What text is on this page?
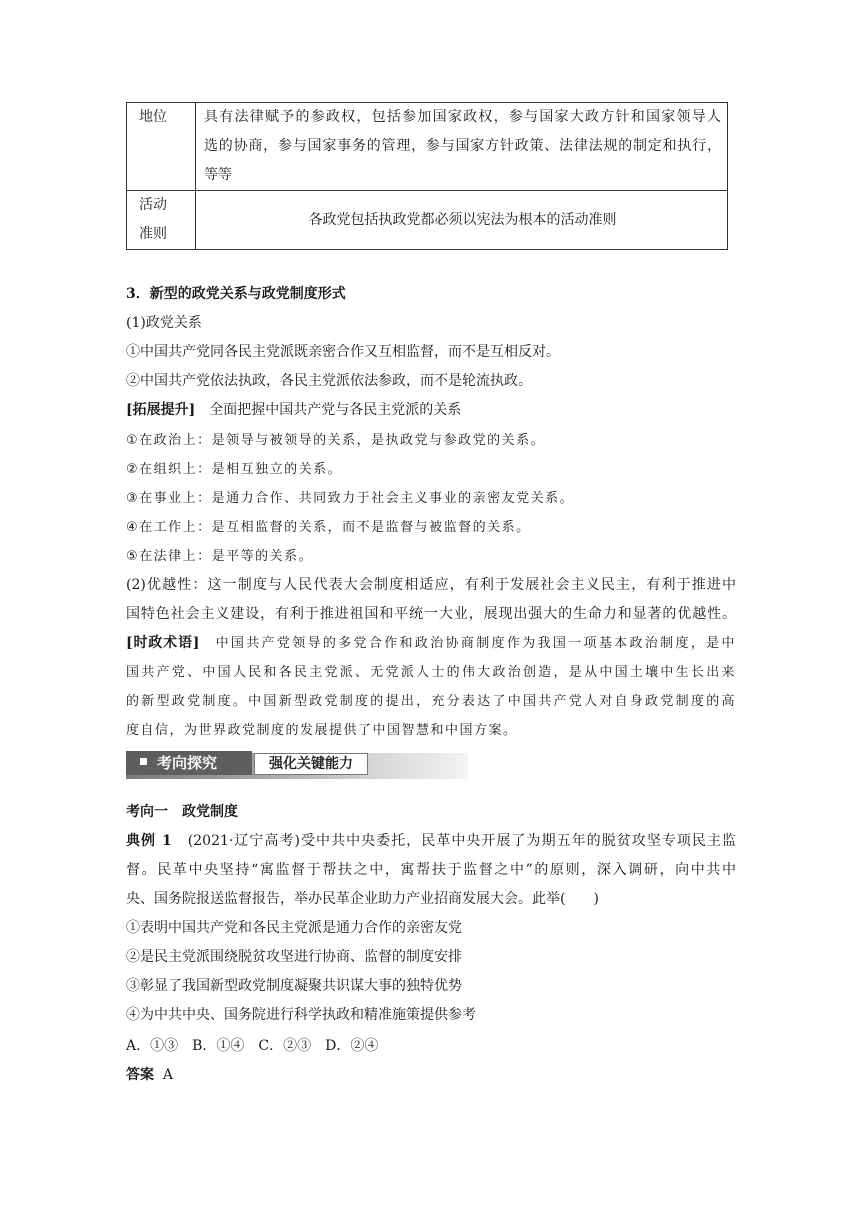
地位	具有法律赋予的参政权，包括参加国家政权，参与国家大政方针和国家领导人
选的协商，参与国家事务的管理，参与国家方针政策、法律法规的制定和执行，
等等

活动
准则	各政党包括执政党都必须以宪法为根本的活动准则
3．新型的政党关系与政党制度形式
(1)政党关系
①中国共产党同各民主党派既亲密合作又互相监督，而不是互相反对。
②中国共产党依法执政，各民主党派依法参政，而不是轮流执政。
[拓展提升]　全面把握中国共产党与各民主党派的关系
①在政治上：是领导与被领导的关系，是执政党与参政党的关系。
②在组织上：是相互独立的关系。
③在事业上：是通力合作、共同致力于社会主义事业的亲密友党关系。
④在工作上：是互相监督的关系，而不是监督与被监督的关系。
⑤在法律上：是平等的关系。
(2)优越性：这一制度与人民代表大会制度相适应，有利于发展社会主义民主，有利于推进中
国特色社会主义建设，有利于推进祖国和平统一大业，展现出强大的生命力和显著的优越性。
[时政术语]　中国共产党领导的多党合作和政治协商制度作为我国一项基本政治制度，是中
国共产党、中国人民和各民主党派、无党派人士的伟大政治创造，是从中国土壤中生长出来
的新型政党制度。中国新型政党制度的提出，充分表达了中国共产党人对自身政党制度的高
度自信，为世界政党制度的发展提供了中国智慧和中国方案。
考向探究	强化关键能力
考向一　政党制度
典例 1　(2021·辽宁高考)受中共中央委托，民革中央开展了为期五年的脱贫攻坚专项民主监
督。民革中央坚持“寓监督于帮扶之中，寓帮扶于监督之中”的原则，深入调研，向中共中
央、国务院报送监督报告，举办民革企业助力产业招商发展大会。此举(　　)
①表明中国共产党和各民主党派是通力合作的亲密友党
②是民主党派围绕脱贫攻坚进行协商、监督的制度安排
③彰显了我国新型政党制度凝聚共识谋大事的独特优势
④为中共中央、国务院进行科学执政和精准施策提供参考
A．①③　B．①④　C．②③　D．②④
答案 A
